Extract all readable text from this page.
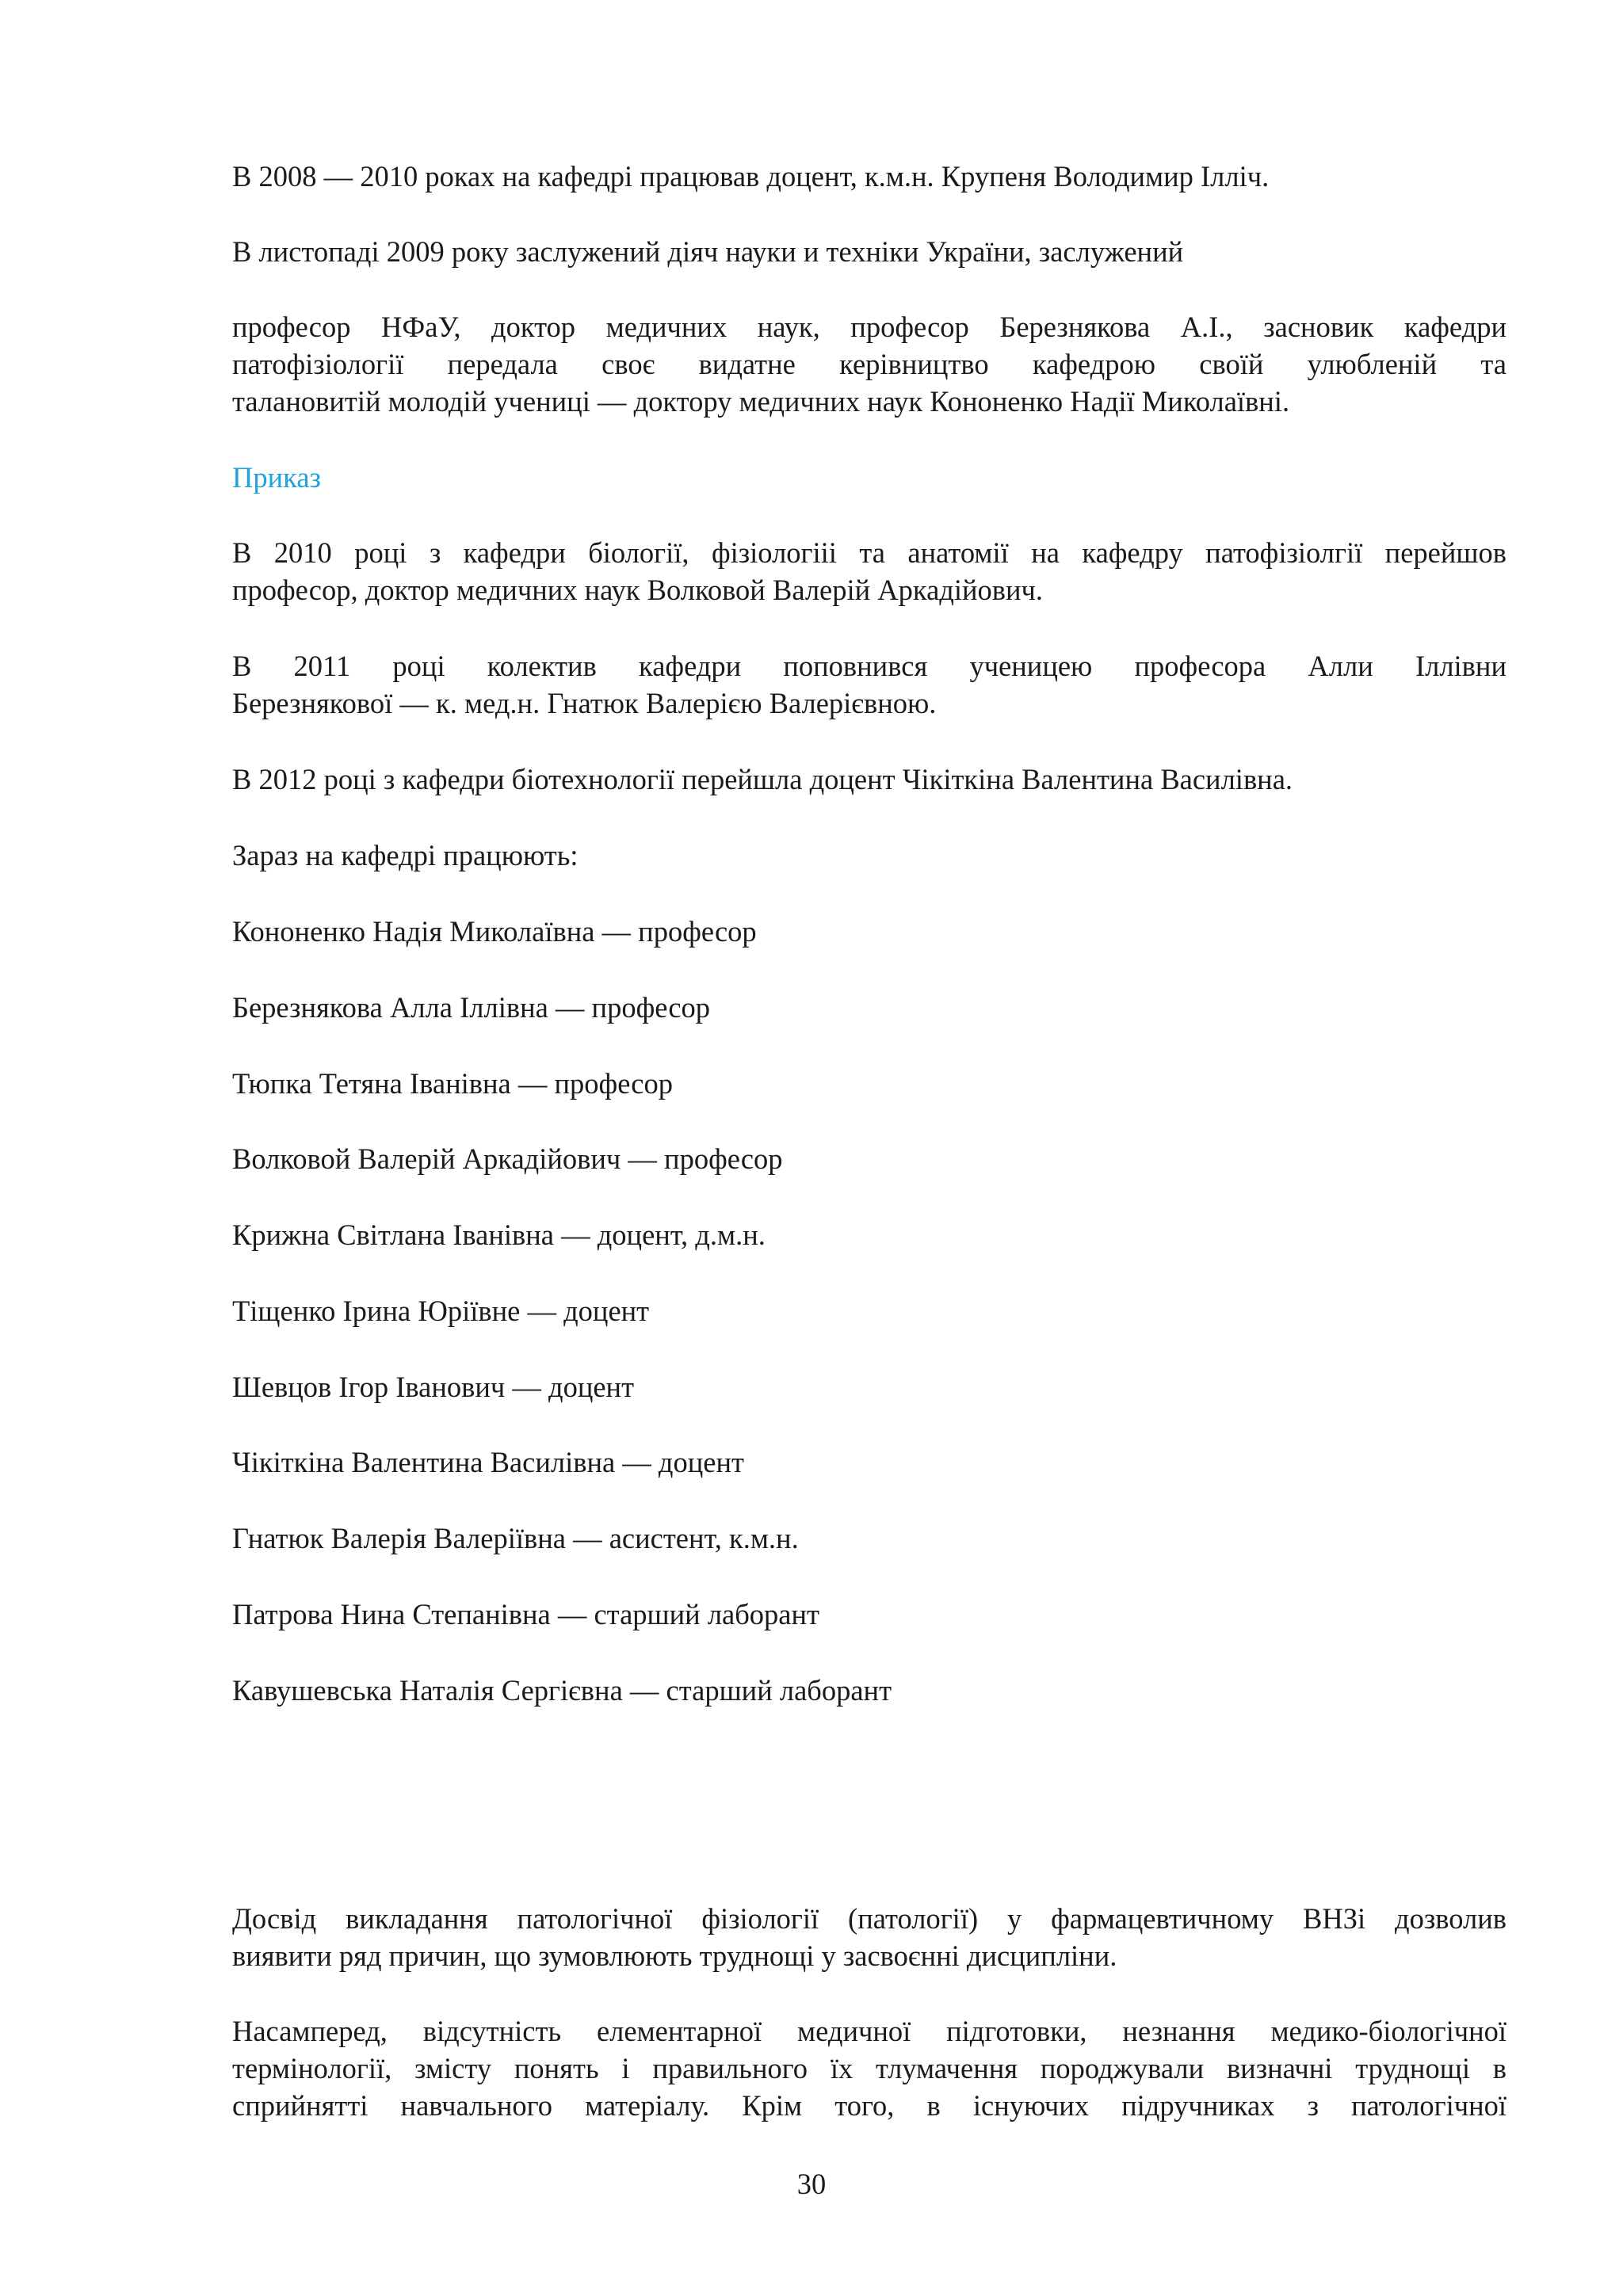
В 2008 — 2010 роках на кафедрі працював доцент, к.м.н. Крупеня Володимир Ілліч.

В листопаді 2009 року заслужений діяч науки и техніки України, заслужений

професор НФаУ, доктор медичних наук, професор Березнякова А.І., засновик кафедри
патофізіології передала своє видатне керівництво кафедрою своїй улюбленій та
талановитій молодій учениці — доктору медичних наук Кононенко Надії Миколаївні.

Приказ

В 2010 році з кафедри біології, фізіологііі та анатомії на кафедру патофізіолгії перейшов
професор, доктор медичних наук Волковой Валерій Аркадійович.

В 2011 році колектив кафедри поповнився ученицею професора Алли Іллівни
Березнякової — к. мед.н. Гнатюк Валерією Валерієвною.

В 2012 році з кафедри біотехнології перейшла доцент Чікіткіна Валентина Василівна.

Зараз на кафедрі працюють:

Кононенко Надія Миколаївна — професор

Березнякова Алла Іллівна — професор

Тюпка Тетяна Іванівна — професор

Волковой Валерій Аркадійович — професор

Крижна Світлана Іванівна — доцент, д.м.н.

Тіщенко Ірина Юріївне — доцент

Шевцов Ігор Іванович — доцент

Чікіткіна Валентина Василівна — доцент

Гнатюк Валерія Валеріївна — асистент, к.м.н.

Патрова Нина Степанівна — старший лаборант

Кавушевська Наталія Сергієвна — старший лаборант

Досвід викладання патологічної фізіології (патології) у фармацевтичному ВНЗі дозволив
виявити ряд причин, що зумовлюють труднощі у засвоєнні дисципліни.

Насамперед, відсутність елементарної медичної підготовки, незнання медико-біологічної
термінології, змісту понять і правильного їх тлумачення породжували визначні труднощі в
сприйнятті навчального матеріалу. Крім того, в існуючих підручниках з патологічної

30
